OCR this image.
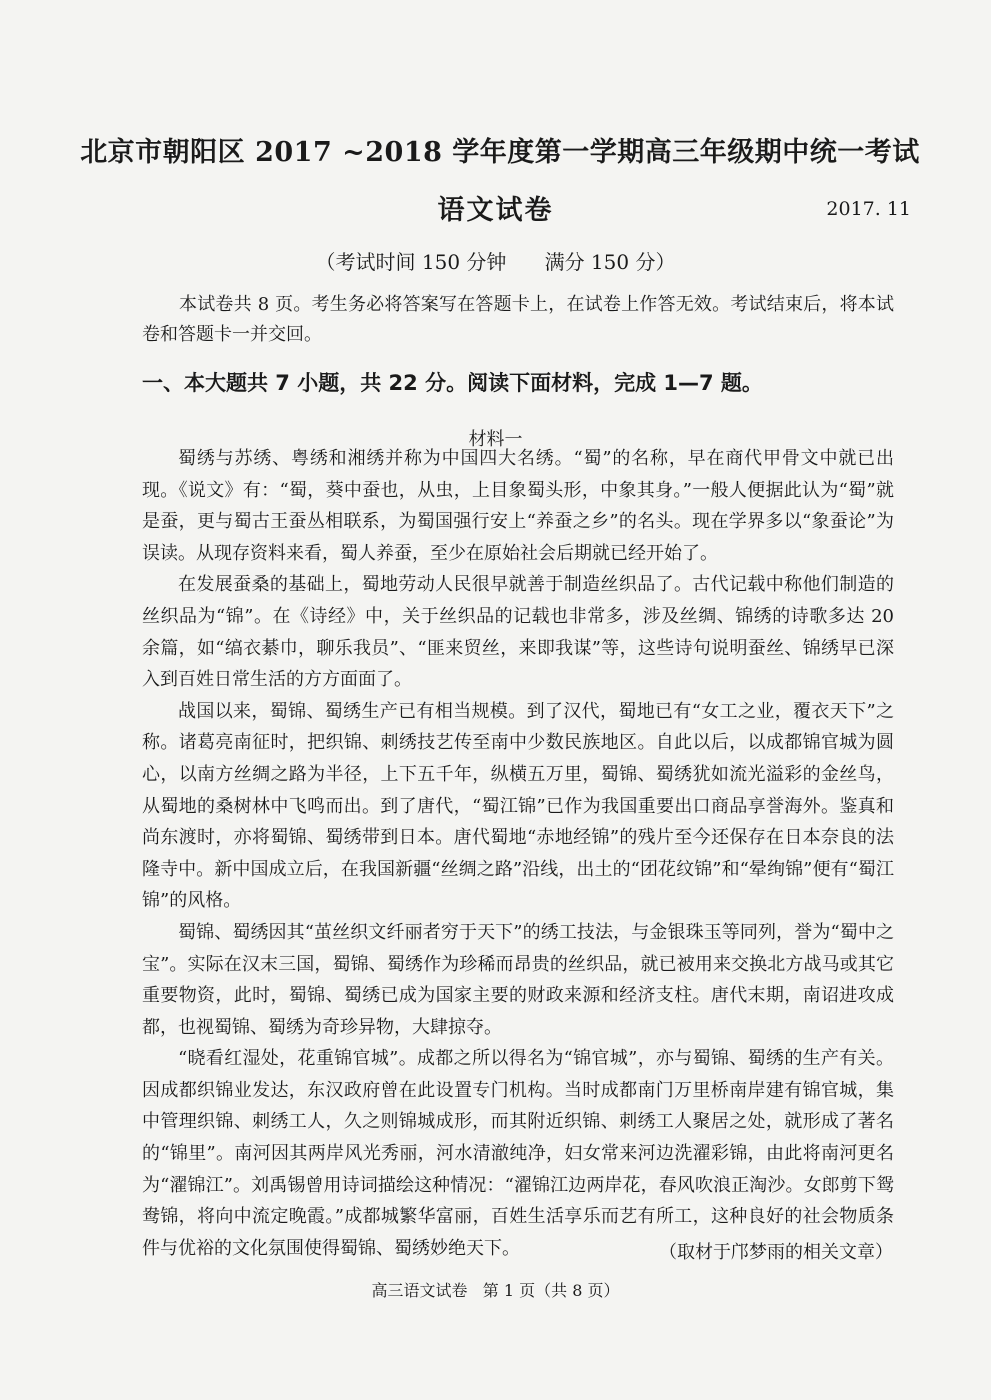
北京市朝阳区 2017 ~2018 学年度第一学期高三年级期中统一考试
语文试卷	2017. 11
（考试时间 150 分钟      满分 150 分）
本试卷共 8 页。考生务必将答案写在答题卡上，在试卷上作答无效。考试结束后，将本试卷和答题卡一并交回。
一、本大题共 7 小题，共 22 分。阅读下面材料，完成 1—7 题。
材料一

蜀绣与苏绣、粤绣和湘绣并称为中国四大名绣。“蜀”的名称，早在商代甲骨文中就已出现。《说文》有：“蜀，葵中蚕也，从虫，上目象蜀头形，中象其身。”一般人便据此认为“蜀”就是蚕，更与蜀古王蚕丛相联系，为蜀国强行安上“养蚕之乡”的名头。现在学界多以“象蚕论”为误读。从现存资料来看，蜀人养蚕，至少在原始社会后期就已经开始了。

在发展蚕桑的基础上，蜀地劳动人民很早就善于制造丝织品了。古代记载中称他们制造的丝织品为“锦”。在《诗经》中，关于丝织品的记载也非常多，涉及丝绸、锦绣的诗歌多达 20 余篇，如“缟衣綦巾，聊乐我员”、“匪来贸丝，来即我谋”等，这些诗句说明蚕丝、锦绣早已深入到百姓日常生活的方方面面了。

战国以来，蜀锦、蜀绣生产已有相当规模。到了汉代，蜀地已有“女工之业，覆衣天下”之称。诸葛亮南征时，把织锦、刺绣技艺传至南中少数民族地区。自此以后，以成都锦官城为圆心，以南方丝绸之路为半径，上下五千年，纵横五万里，蜀锦、蜀绣犹如流光溢彩的金丝鸟，从蜀地的桑树林中飞鸣而出。到了唐代，“蜀江锦”已作为我国重要出口商品享誉海外。鉴真和尚东渡时，亦将蜀锦、蜀绣带到日本。唐代蜀地“赤地经锦”的残片至今还保存在日本奈良的法隆寺中。新中国成立后，在我国新疆“丝绸之路”沿线，出土的“团花纹锦”和“晕绚锦”便有“蜀江锦”的风格。

蜀锦、蜀绣因其“茧丝织文纤丽者穷于天下”的绣工技法，与金银珠玉等同列，誉为“蜀中之宝”。实际在汉末三国，蜀锦、蜀绣作为珍稀而昂贵的丝织品，就已被用来交换北方战马或其它重要物资，此时，蜀锦、蜀绣已成为国家主要的财政来源和经济支柱。唐代末期，南诏进攻成都，也视蜀锦、蜀绣为奇珍异物，大肆掠夺。

“晓看红湿处，花重锦官城”。成都之所以得名为“锦官城”，亦与蜀锦、蜀绣的生产有关。因成都织锦业发达，东汉政府曾在此设置专门机构。当时成都南门万里桥南岸建有锦官城，集中管理织锦、刺绣工人，久之则锦城成形，而其附近织锦、刺绣工人聚居之处，就形成了著名的“锦里”。南河因其两岸风光秀丽，河水清澈纯净，妇女常来河边洗濯彩锦，由此将南河更名为“濯锦江”。刘禹锡曾用诗词描绘这种情况：“濯锦江边两岸花，春风吹浪正淘沙。女郎剪下鸳鸯锦，将向中流定晚霞。”成都城繁华富丽，百姓生活享乐而艺有所工，这种良好的社会物质条件与优裕的文化氛围使得蜀锦、蜀绣妙绝天下。	（取材于邝梦雨的相关文章）
高三语文试卷   第 1 页（共 8 页）
